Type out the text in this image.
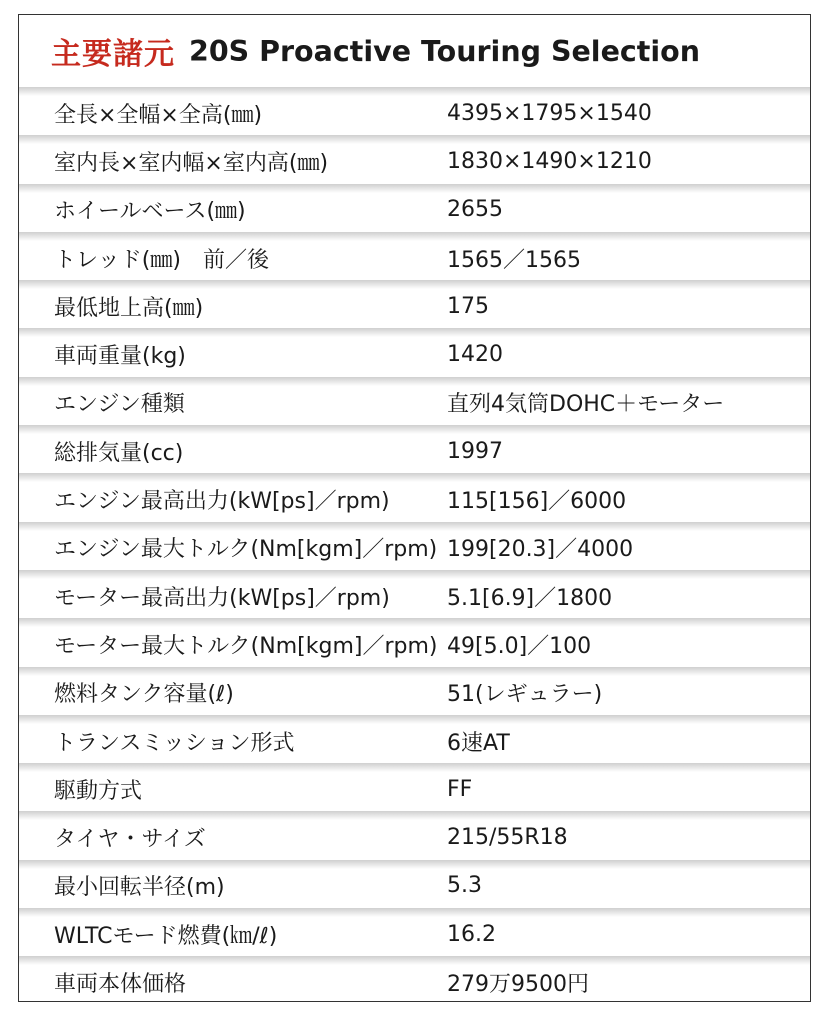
主要諸元 20S Proactive Touring Selection
全長×全幅×全高(㎜)	4395×1795×1540
室内長×室内幅×室内高(㎜)	1830×1490×1210
ホイールベース(㎜)	2655
トレッド(㎜)　前／後	1565／1565
最低地上高(㎜)	175
車両重量(kg)	1420
エンジン種類	直列4気筒DOHC＋モーター
総排気量(cc)	1997
エンジン最高出力(kW[ps]／rpm)	115[156]／6000
エンジン最大トルク(Nm[kgm]／rpm) 199[20.3]／4000
モーター最高出力(kW[ps]／rpm)	5.1[6.9]／1800
モーター最大トルク(Nm[kgm]／rpm) 49[5.0]／100
燃料タンク容量(ℓ)	51(レギュラー)
トランスミッション形式	6速AT
駆動方式	FF
タイヤ・サイズ	215/55R18
最小回転半径(m)	5.3
WLTCモード燃費(㎞/ℓ)	16.2
車両本体価格	279万9500円
